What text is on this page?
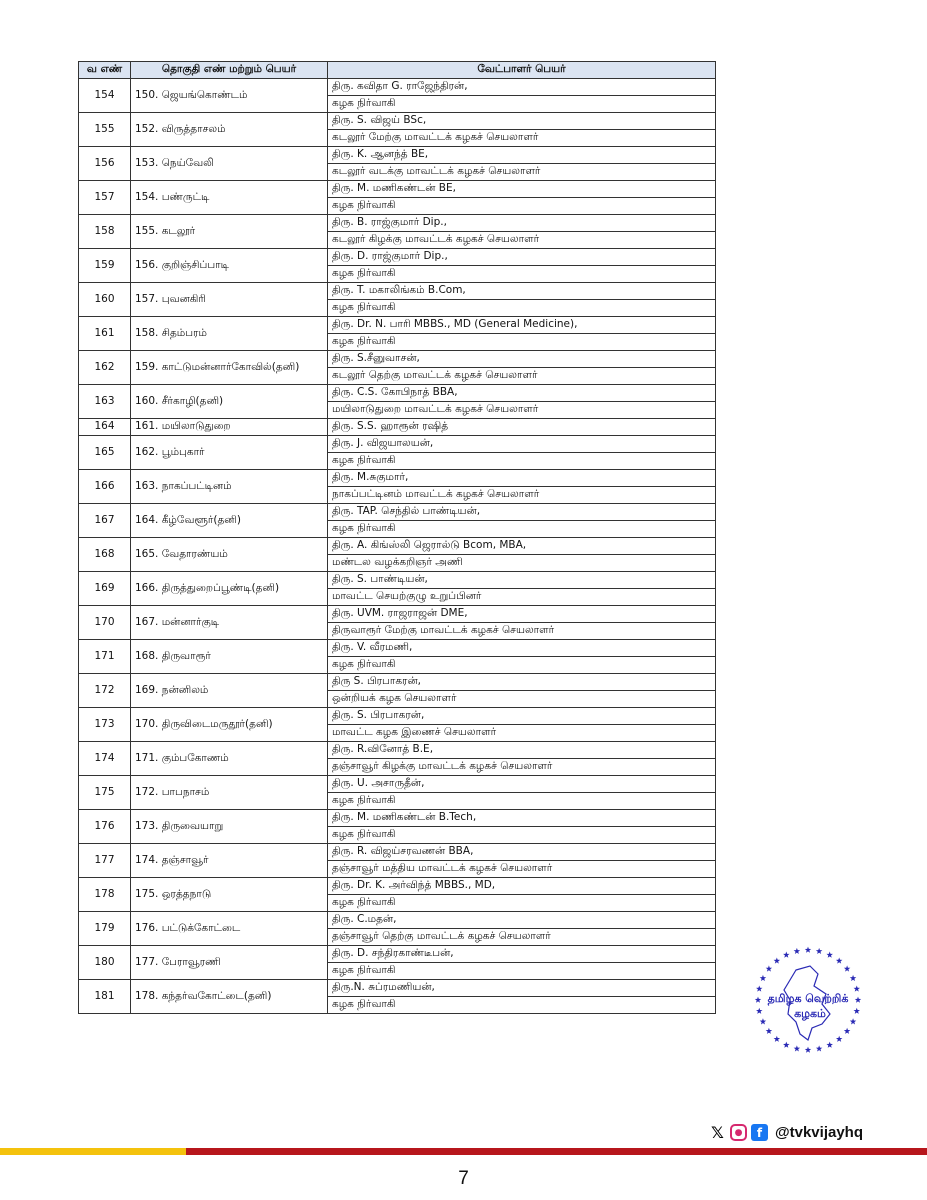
வ எண்	தொகுதி எண் மற்றும் பெயர்	வேட்பாளர் பெயர்
154	150. ஜெயங்கொண்டம்	திரு. கவிதா G. ராஜேந்திரன்,
		கழக நிர்வாகி
155	152. விருத்தாசலம்	திரு. S. விஜய் BSc,
		கடலூர் மேற்கு மாவட்டக் கழகச் செயலாளர்
156	153. நெய்வேலி	திரு. K. ஆனந்த் BE,
		கடலூர் வடக்கு மாவட்டக் கழகச் செயலாளர்
157	154. பண்ருட்டி	திரு. M. மணிகண்டன் BE,
		கழக நிர்வாகி
158	155. கடலூர்	திரு. B. ராஜ்குமார் Dip.,
		கடலூர் கிழக்கு மாவட்டக் கழகச் செயலாளர்
159	156. குறிஞ்சிப்பாடி	திரு. D. ராஜ்குமார் Dip.,
		கழக நிர்வாகி
160	157. புவனகிரி	திரு. T. மகாலிங்கம் B.Com,
		கழக நிர்வாகி
161	158. சிதம்பரம்	திரு. Dr. N. பாரி MBBS., MD (General Medicine),
		கழக நிர்வாகி
162	159. காட்டுமன்னார்கோவில்(தனி)	திரு. S.சீனுவாசன்,
		கடலூர் தெற்கு மாவட்டக் கழகச் செயலாளர்
163	160. சீர்காழி(தனி)	திரு. C.S. கோபிநாத் BBA,
		மயிலாடுதுறை மாவட்டக் கழகச் செயலாளர்
164	161. மயிலாடுதுறை	திரு. S.S. ஹாரூன் ரஷித்
165	162. பூம்புகார்	திரு. J. விஜயாலயன்,
		கழக நிர்வாகி
166	163. நாகப்பட்டினம்	திரு. M.சுகுமார்,
		நாகப்பட்டினம் மாவட்டக் கழகச் செயலாளர்
167	164. கீழ்வேளூர்(தனி)	திரு. TAP. செந்தில் பாண்டியன்,
		கழக நிர்வாகி
168	165. வேதாரண்யம்	திரு. A. கிங்ஸ்லி ஜெரால்டு Bcom, MBA,
		மண்டல வழக்கறிஞர் அணி
169	166. திருத்துறைப்பூண்டி(தனி)	திரு. S. பாண்டியன்,
		மாவட்ட செயற்குழு உறுப்பினர்
170	167. மன்னார்குடி	திரு. UVM. ராஜராஜன் DME,
		திருவாரூர் மேற்கு மாவட்டக் கழகச் செயலாளர்
171	168. திருவாரூர்	திரு. V. வீரமணி,
		கழக நிர்வாகி
172	169. நன்னிலம்	திரு S. பிரபாகரன்,
		ஒன்றியக் கழக செயலாளர்
173	170. திருவிடைமருதூர்(தனி)	திரு. S. பிரபாகரன்,
		மாவட்ட கழக இணைச் செயலாளர்
174	171. கும்பகோணம்	திரு. R.வினோத் B.E,
		தஞ்சாவூர் கிழக்கு மாவட்டக் கழகச் செயலாளர்
175	172. பாபநாசம்	திரு. U. அசாருதீன்,
		கழக நிர்வாகி
176	173. திருவையாறு	திரு. M. மணிகண்டன் B.Tech,
		கழக நிர்வாகி
177	174. தஞ்சாவூர்	திரு. R. விஜய்சரவணன் BBA,
		தஞ்சாவூர் மத்திய மாவட்டக் கழகச் செயலாளர்
178	175. ஒரத்தநாடு	திரு. Dr. K. அர்விந்த் MBBS., MD,
		கழக நிர்வாகி
179	176. பட்டுக்கோட்டை	திரு. C.மதன்,
		தஞ்சாவூர் தெற்கு மாவட்டக் கழகச் செயலாளர்
180	177. பேராவூரணி	திரு. D. சந்திரகாண்டீபன்,
		கழக நிர்வாகி
181	178. கந்தர்வகோட்டை(தனி)	திரு.N. சுப்ரமணியன்,
		கழக நிர்வாகி	தமிழக வெற்றிக்
கழகம்
𝕏	●	f @tvkvijayhq
7
